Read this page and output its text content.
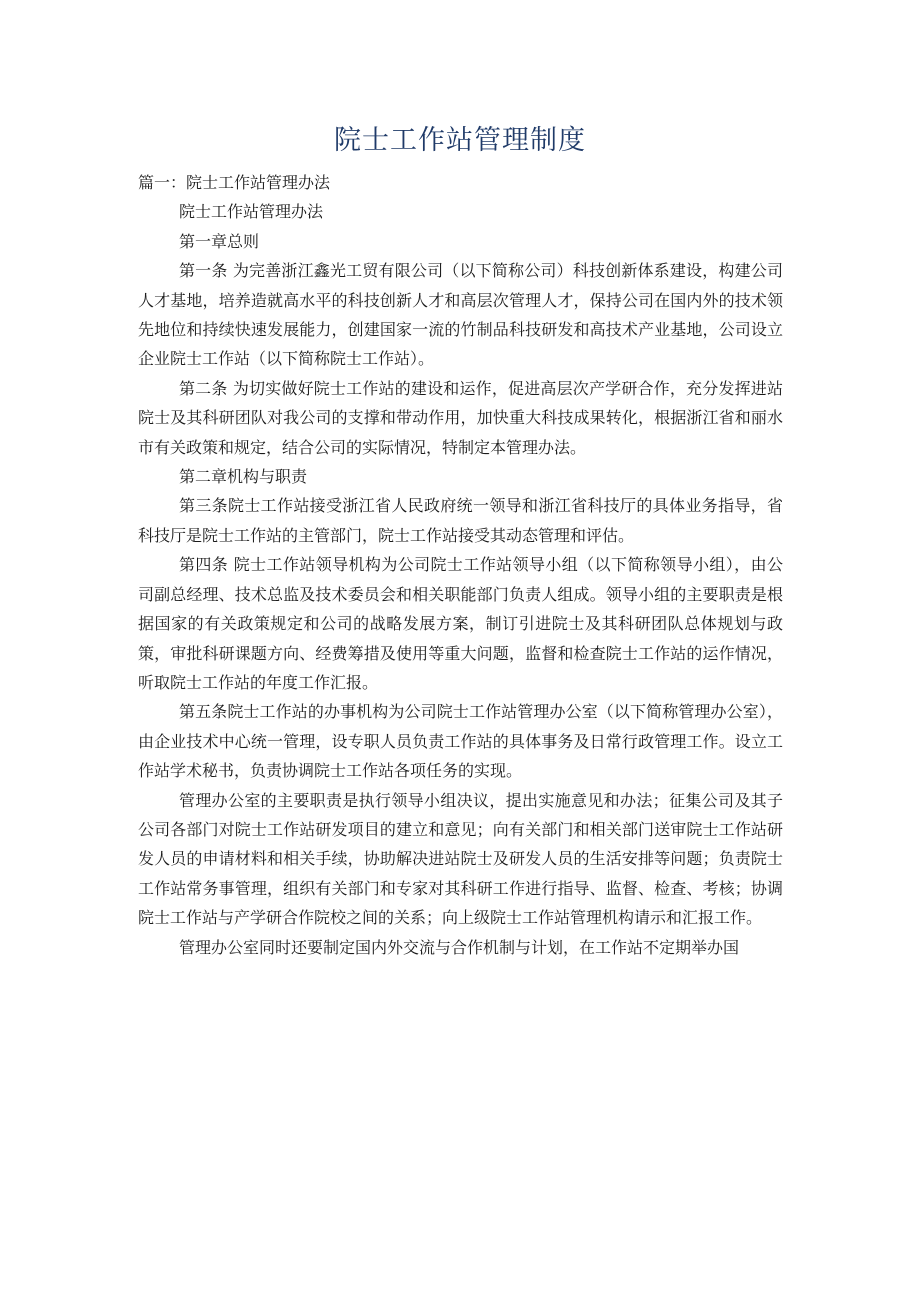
院士工作站管理制度

篇一：院士工作站管理办法

院士工作站管理办法

第一章总则

第一条 为完善浙江鑫光工贸有限公司（以下简称公司）科技创新体系建设，构建公司人才基地，培养造就高水平的科技创新人才和高层次管理人才，保持公司在国内外的技术领先地位和持续快速发展能力，创建国家一流的竹制品科技研发和高技术产业基地，公司设立企业院士工作站（以下简称院士工作站）。

第二条 为切实做好院士工作站的建设和运作，促进高层次产学研合作，充分发挥进站院士及其科研团队对我公司的支撑和带动作用，加快重大科技成果转化，根据浙江省和丽水市有关政策和规定，结合公司的实际情况，特制定本管理办法。

第二章机构与职责

第三条院士工作站接受浙江省人民政府统一领导和浙江省科技厅的具体业务指导，省科技厅是院士工作站的主管部门，院士工作站接受其动态管理和评估。

第四条 院士工作站领导机构为公司院士工作站领导小组（以下简称领导小组），由公司副总经理、技术总监及技术委员会和相关职能部门负责人组成。领导小组的主要职责是根据国家的有关政策规定和公司的战略发展方案，制订引进院士及其科研团队总体规划与政策，审批科研课题方向、经费筹措及使用等重大问题，监督和检查院士工作站的运作情况，听取院士工作站的年度工作汇报。

第五条院士工作站的办事机构为公司院士工作站管理办公室（以下简称管理办公室），由企业技术中心统一管理，设专职人员负责工作站的具体事务及日常行政管理工作。设立工作站学术秘书，负责协调院士工作站各项任务的实现。

管理办公室的主要职责是执行领导小组决议，提出实施意见和办法；征集公司及其子公司各部门对院士工作站研发项目的建立和意见；向有关部门和相关部门送审院士工作站研发人员的申请材料和相关手续，协助解决进站院士及研发人员的生活安排等问题；负责院士工作站常务事管理，组织有关部门和专家对其科研工作进行指导、监督、检查、考核；协调院士工作站与产学研合作院校之间的关系；向上级院士工作站管理机构请示和汇报工作。

管理办公室同时还要制定国内外交流与合作机制与计划，在工作站不定期举办国
